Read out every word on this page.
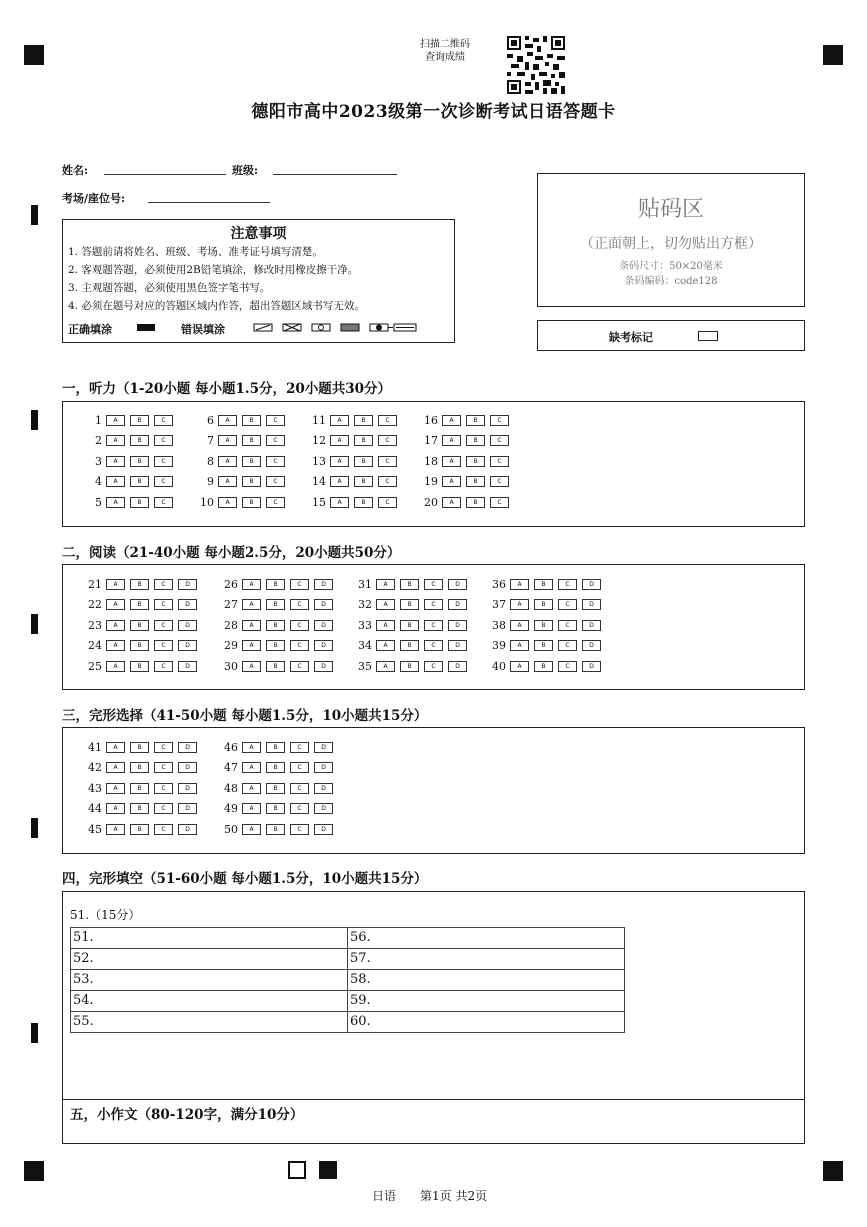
扫描二维码
查询成绩
德阳市高中2023级第一次诊断考试日语答题卡
姓名:	班级:
考场/座位号:
注意事项
1. 答题前请将姓名、班级、考场、准考证号填写清楚。
2. 客观题答题，必须使用2B铅笔填涂，修改时用橡皮擦干净。
3. 主观题答题，必须使用黑色签字笔书写。
4. 必须在题号对应的答题区域内作答，超出答题区域书写无效。
正确填涂	错误填涂
贴码区
（正面朝上，切勿贴出方框）
条码尺寸：50×20毫米
条码编码：code128
缺考标记
一，听力（1-20小题 每小题1.5分，20小题共30分）
二，阅读（21-40小题 每小题2.5分，20小题共50分）
三，完形选择（41-50小题 每小题1.5分，10小题共15分）
四，完形填空（51-60小题 每小题1.5分，10小题共15分）
51.（15分）
51.	56.
52.	57.
53.	58.
54.	59.
55.	60.
五，小作文（80-120字，满分10分）
1	A	B	C
2	A	B	C
3	A	B	C
4	A	B	C
5	A	B	C
6	A	B	C
7	A	B	C
8	A	B	C
9	A	B	C
10	A	B	C
11	A	B	C
12	A	B	C
13	A	B	C
14	A	B	C
15	A	B	C
16	A	B	C
17	A	B	C
18	A	B	C
19	A	B	C
20	A	B	C
21	A	B	C	D
22	A	B	C	D
23	A	B	C	D
24	A	B	C	D
25	A	B	C	D
26	A	B	C	D
27	A	B	C	D
28	A	B	C	D
29	A	B	C	D
30	A	B	C	D
31	A	B	C	D
32	A	B	C	D
33	A	B	C	D
34	A	B	C	D
35	A	B	C	D
36	A	B	C	D
37	A	B	C	D
38	A	B	C	D
39	A	B	C	D
40	A	B	C	D
41	A	B	C	D
42	A	B	C	D
43	A	B	C	D
44	A	B	C	D
45	A	B	C	D
46	A	B	C	D
47	A	B	C	D
48	A	B	C	D
49	A	B	C	D
50	A	B	C	D
日语 第1页 共2页
